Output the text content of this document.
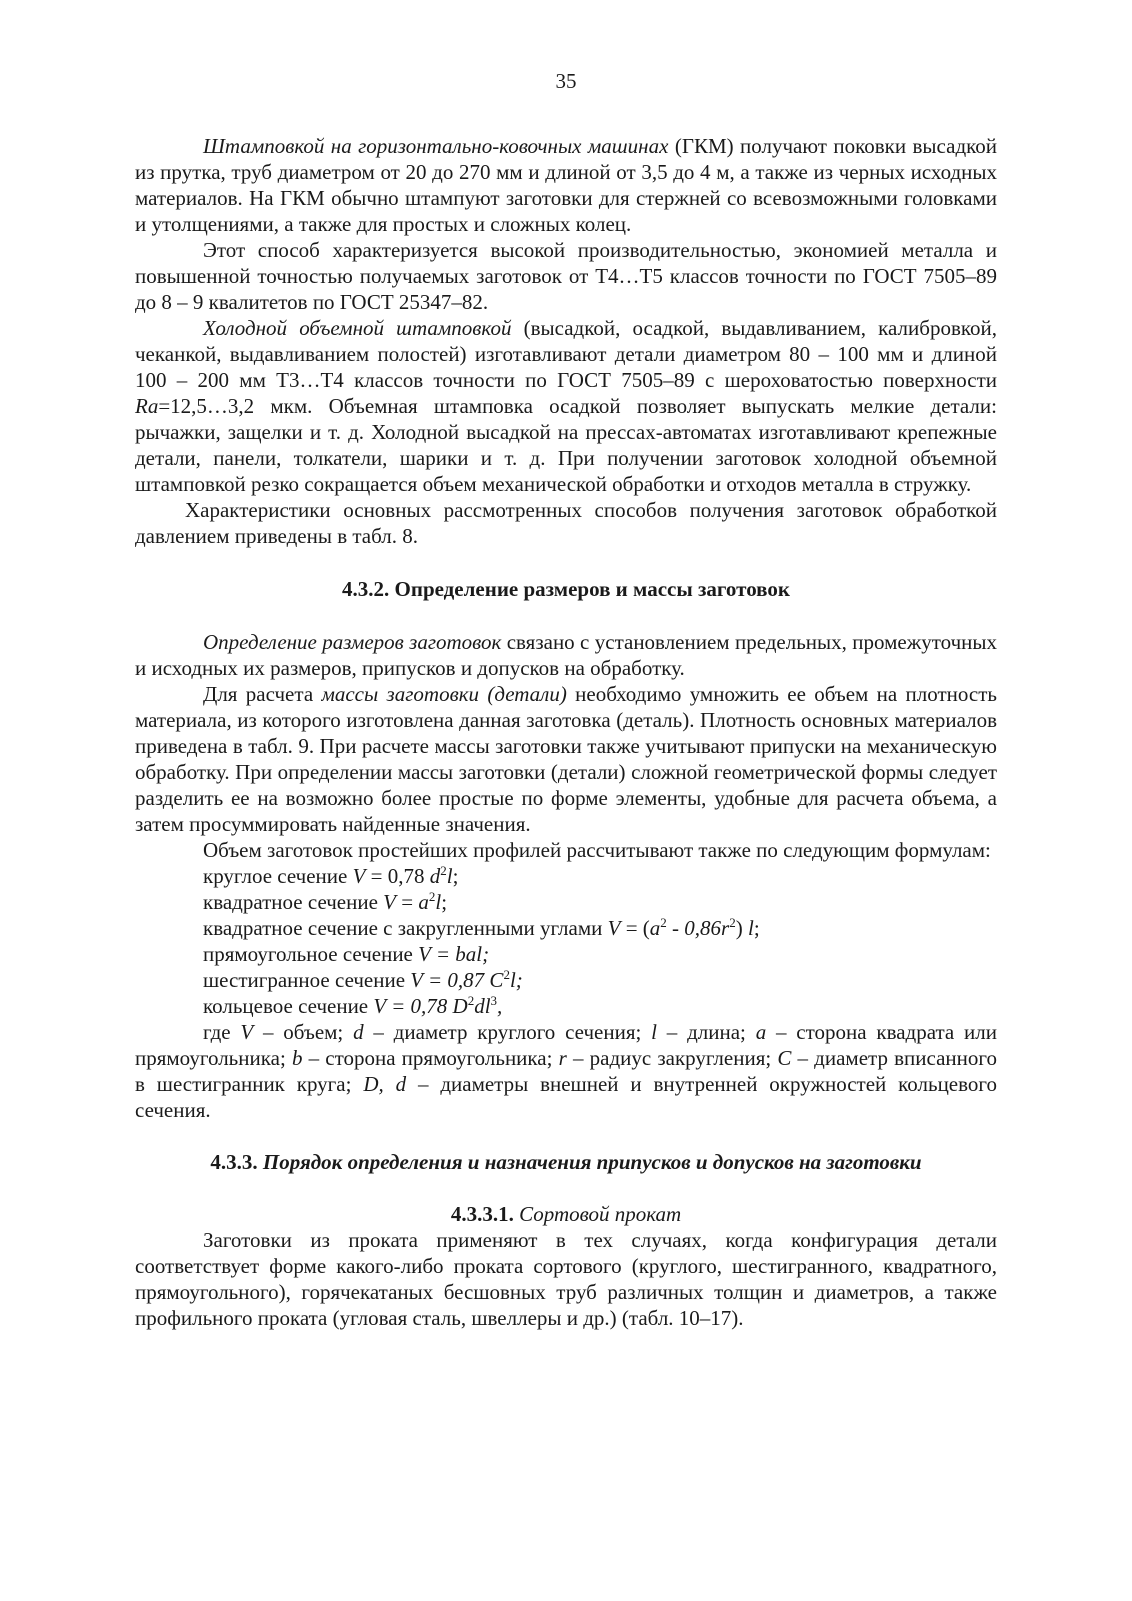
35

Штамповкой на горизонтально-ковочных машинах (ГКМ) получают поковки высадкой из прутка, труб диаметром от 20 до 270 мм и длиной от 3,5 до 4 м, а также из черных исходных материалов. На ГКМ обычно штампуют заготовки для стержней со всевозможными головками и утолщениями, а также для простых и сложных колец.

Этот способ характеризуется высокой производительностью, экономией металла и повышенной точностью получаемых заготовок от Т4…Т5 классов точности по ГОСТ 7505–89 до 8 – 9 квалитетов по ГОСТ 25347–82.

Холодной объемной штамповкой (высадкой, осадкой, выдавливанием, калибровкой, чеканкой, выдавливанием полостей) изготавливают детали диаметром 80 – 100 мм и длиной 100 – 200 мм Т3…Т4 классов точности по ГОСТ 7505–89 с шероховатостью поверхности Ra=12,5…3,2 мкм. Объемная штамповка осадкой позволяет выпускать мелкие детали: рычажки, защелки и т. д. Холодной высадкой на прессах-автоматах изготавливают крепежные детали, панели, толкатели, шарики и т. д. При получении заготовок холодной объемной штамповкой резко сокращается объем механической обработки и отходов металла в стружку.

Характеристики основных рассмотренных способов получения заготовок обработкой давлением приведены в табл. 8.

4.3.2. Определение размеров и массы заготовок

Определение размеров заготовок связано с установлением предельных, промежуточных и исходных их размеров, припусков и допусков на обработку.

Для расчета массы заготовки (детали) необходимо умножить ее объем на плотность материала, из которого изготовлена данная заготовка (деталь). Плотность основных материалов приведена в табл. 9. При расчете массы заготовки также учитывают припуски на механическую обработку. При определении массы заготовки (детали) сложной геометрической формы следует разделить ее на возможно более простые по форме элементы, удобные для расчета объема, а затем просуммировать найденные значения.

Объем заготовок простейших профилей рассчитывают также по следующим формулам:

круглое сечение V = 0,78 $d^2l$;

квадратное сечение $V = a^2l$;

квадратное сечение с закругленными углами $V = (a^2 - 0,86r^2)$ l;

прямоугольное сечение V = bal;

шестигранное сечение V = 0,87 $C^2l$;

кольцевое сечение V = 0,78 $D^2dl^3$,

где V – объем; d – диаметр круглого сечения; l – длина; a – сторона квадрата или прямоугольника; b – сторона прямоугольника; r – радиус закругления; C – диаметр вписанного в шестигранник круга; D, d – диаметры внешней и внутренней окружностей кольцевого сечения.

4.3.3. Порядок определения и назначения припусков и допусков на заготовки

4.3.3.1. Сортовой прокат

Заготовки из проката применяют в тех случаях, когда конфигурация детали соответствует форме какого-либо проката сортового (круглого, шестигранного, квадратного, прямоугольного), горячекатаных бесшовных труб различных толщин и диаметров, а также профильного проката (угловая сталь, швеллеры и др.) (табл. 10–17).
